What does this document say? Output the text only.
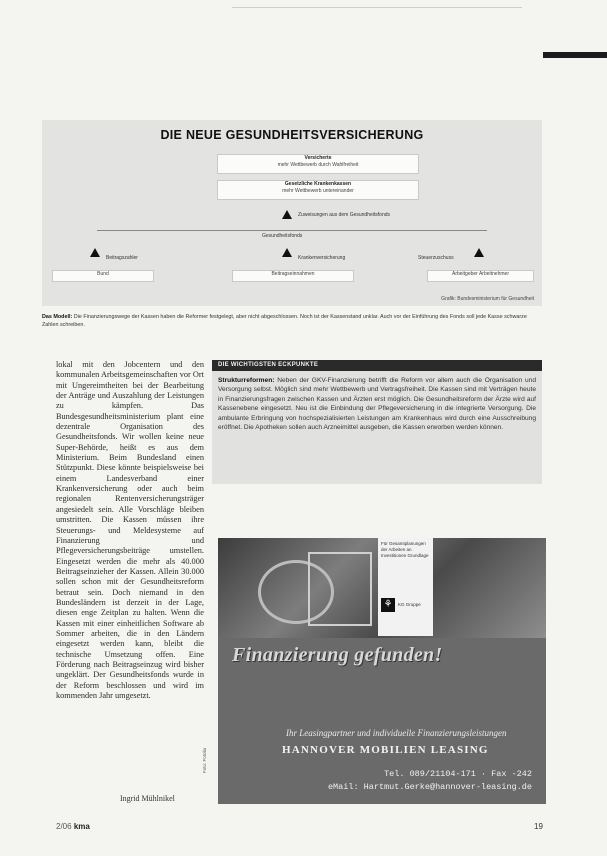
DIE NEUE GESUNDHEITSVERSICHERUNG
Versicherte
mehr Wettbewerb durch Wahlfreiheit
Gesetzliche Krankenkassen
mehr Wettbewerb untereinander
Zuweisungen aus dem Gesundheitsfonds
Gesundheitsfonds
Beitragszahler	Krankenversicherung	Steuerzuschuss
Bund	Beitragseinnahmen	Arbeitgeber Arbeitnehmer
Grafik: Bundesministerium für Gesundheit
Das Modell: Die Finanzierungswege der Kassen haben die Reformer festgelegt, aber nicht abgeschlossen. Noch ist der Kassenstand unklar. Auch vor der Einführung des Fonds soll jede Kasse schwarze Zahlen schreiben.

lokal mit den Jobcentern und den kommunalen Arbeitsgemeinschaften vor Ort mit Ungereimtheiten bei der Bearbeitung der Anträge und Auszahlung der Leistungen zu kämpfen. Das Bundesgesundheitsministerium plant eine dezentrale Organisation des Gesundheitsfonds. Wir wollen keine neue Super-Behörde, heißt es aus dem Ministerium. Beim Bundesland einen Stützpunkt. Diese könnte beispielsweise bei einem Landesverband einer Krankenversicherung oder auch beim regionalen Rentenversicherungsträger angesiedelt sein. Alle Vorschläge bleiben umstritten. Die Kassen müssen ihre Steuerungs- und Meldesysteme auf Finanzierung und Pflegeversicherungsbeiträge umstellen. Eingesetzt werden die mehr als 40.000 Beitragseinzieher der Kassen. Allein 30.000 sollen schon mit der Gesundheitsreform betraut sein. Doch niemand in den Bundesländern ist derzeit in der Lage, diesen enge Zeitplan zu halten. Wenn die Kassen mit einer einheitlichen Software ab Sommer arbeiten, die in den Ländern eingesetzt werden kann, bleibt die technische Umsetzung offen. Eine Förderung nach Beitragseinzug wird bisher ungeklärt. Der Gesundheitsfonds wurde in der Reform beschlossen und wird im kommenden Jahr umgesetzt.

Ingrid Mühlnikel
Foto: Fotolia
DIE WICHTIGSTEN ECKPUNKTE
Strukturreformen: Neben der GKV-Finanzierung betrifft die Reform vor allem auch die Organisation und Versorgung selbst. Möglich sind mehr Wettbewerb und Vertragsfreiheit. Die Kassen sind mit Verträgen heute in Finanzierungsfragen zwischen Kassen und Ärzten erst möglich. Die Gesundheitsreform der Ärzte wird auf Kassenebene eingesetzt. Neu ist die Einbindung der Pflegeversicherung in die integrierte Versorgung. Die ambulante Erbringung von hochspezialisierten Leistungen am Krankenhaus wird durch eine Ausschreibung eröffnet. Die Apotheken sollen auch Arzneimittel ausgeben, die Kassen erworben werden können.
Für Gesamtplanungen der Arbeiten an Investitionen Grundlage
⚘	KG Gruppe
Finanzierung gefunden!
Ihr Leasingpartner und individuelle Finanzierungsleistungen
HANNOVER MOBILIEN LEASING
Tel. 089/21104-171 · Fax -242
eMail: Hartmut.Gerke@hannover-leasing.de
2/06 kma	19
